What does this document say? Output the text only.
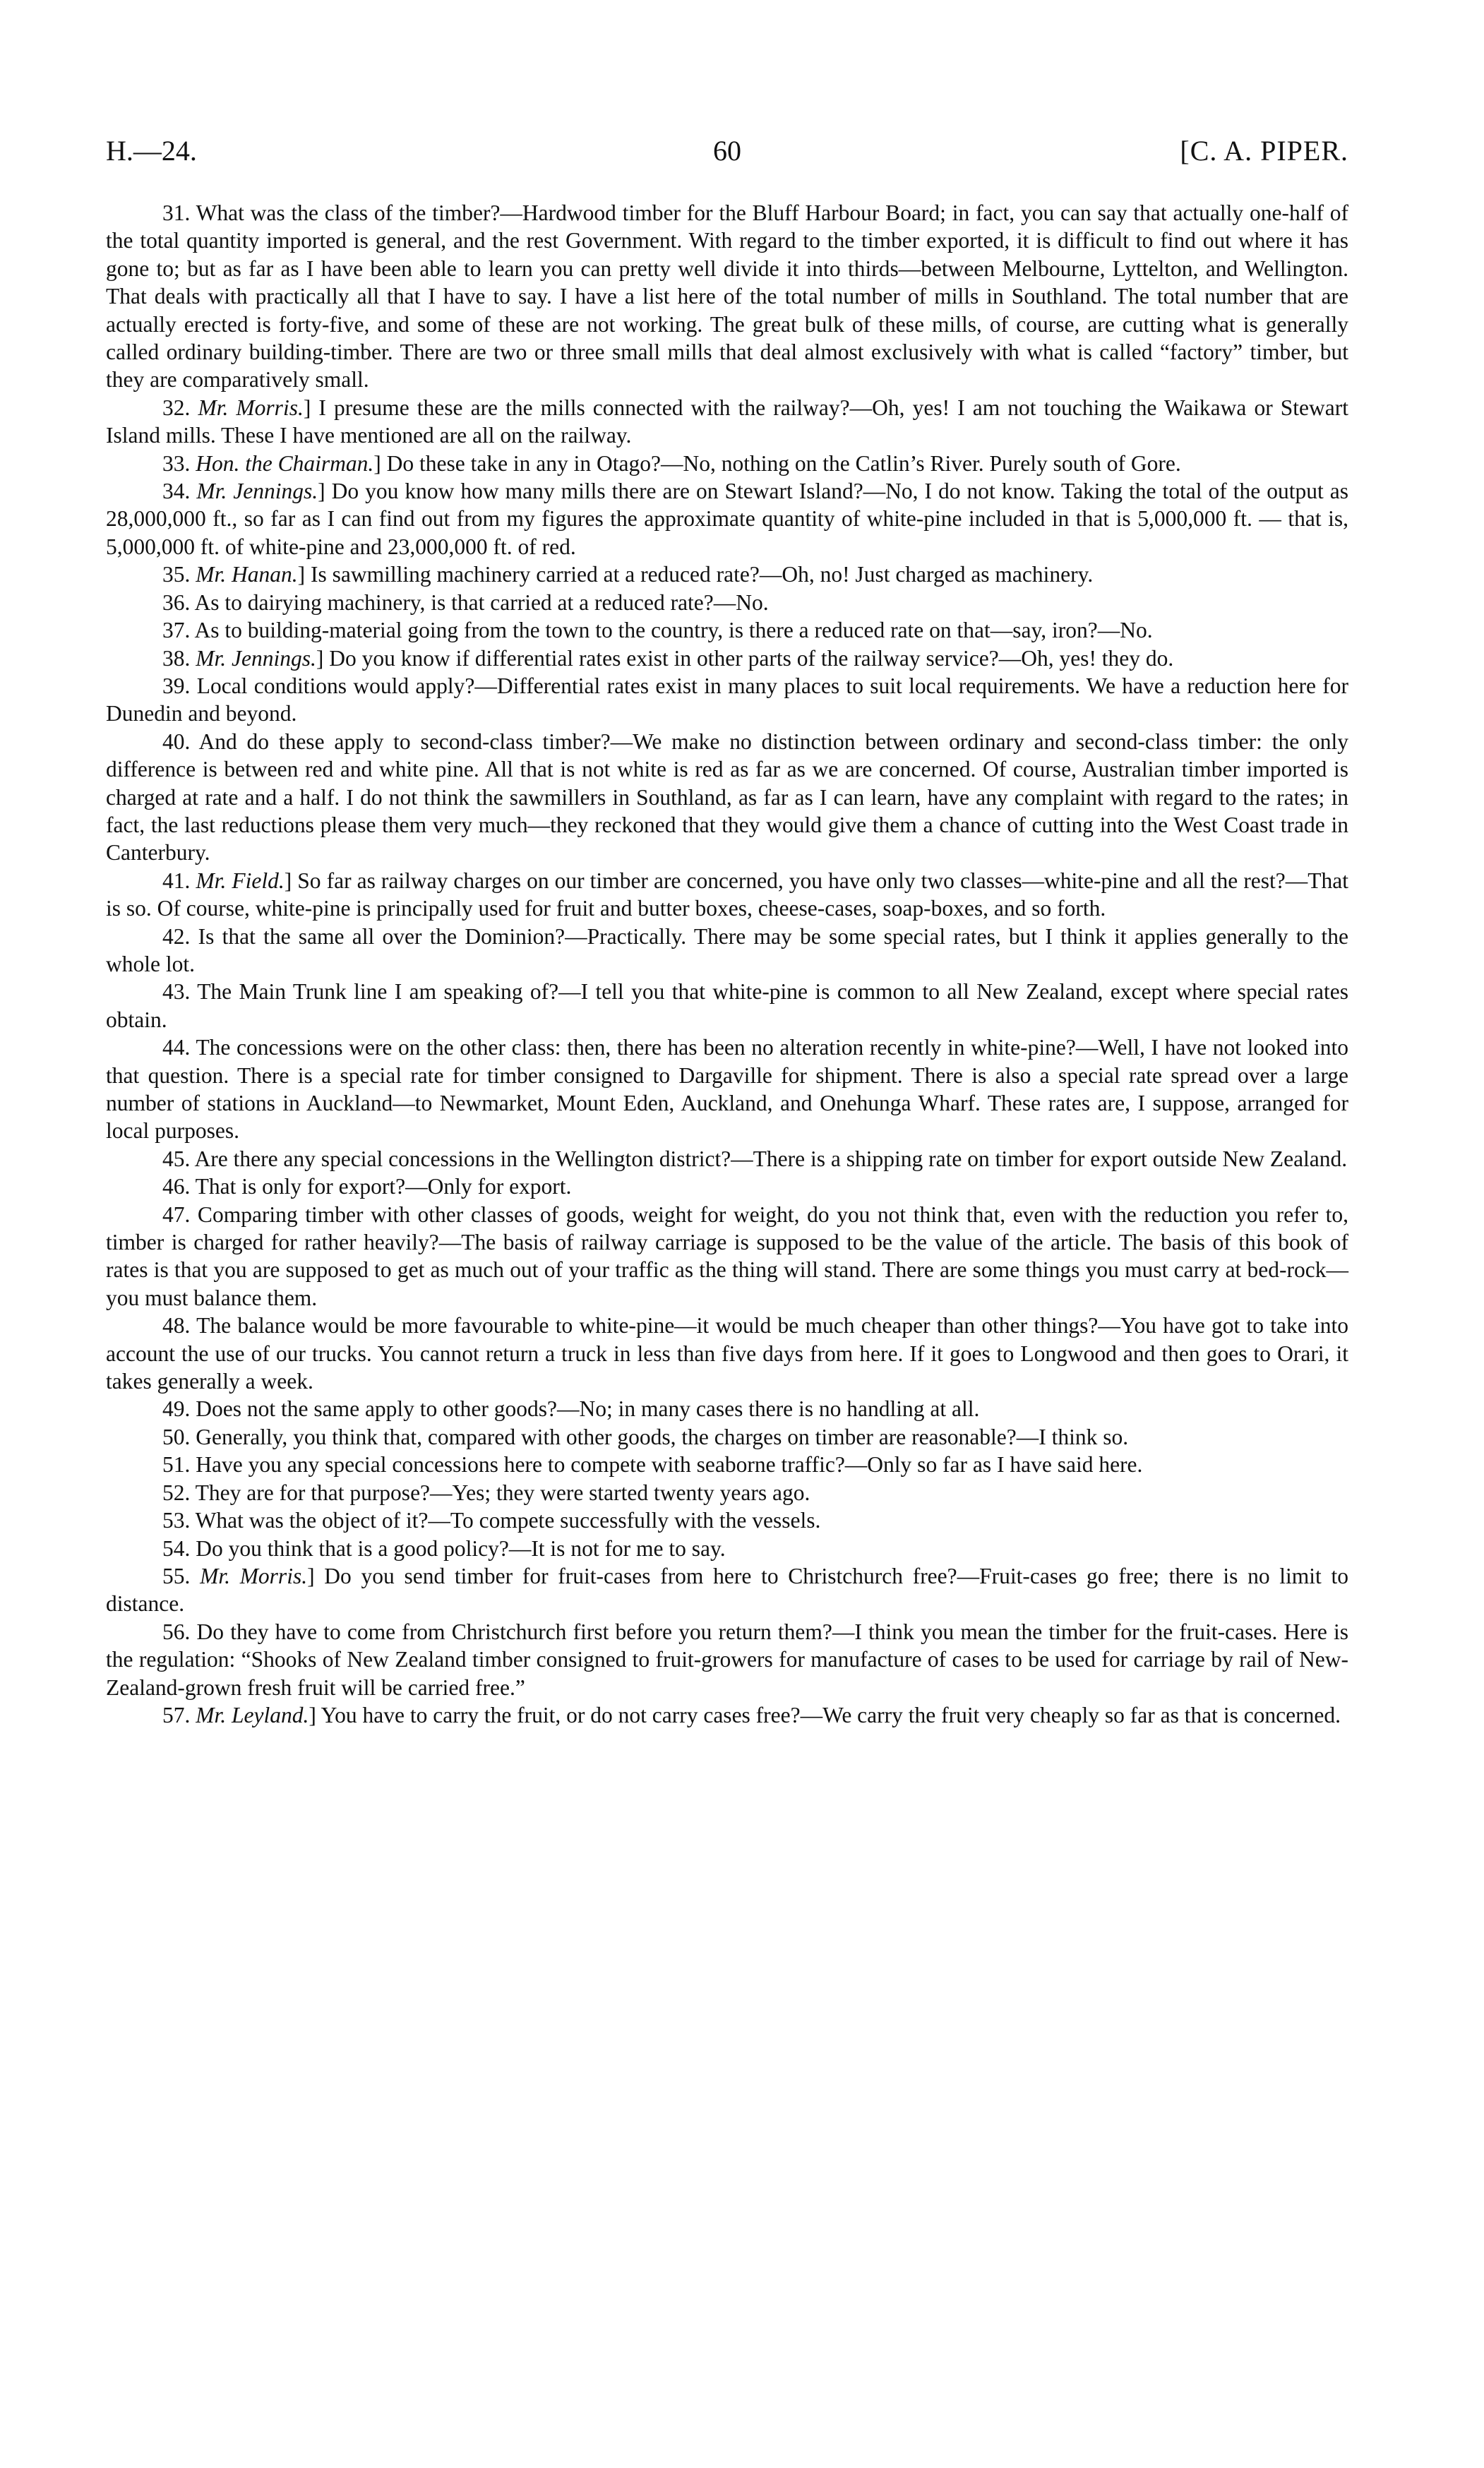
H.—24.	60	[C. A. PIPER.

31. What was the class of the timber?—Hardwood timber for the Bluff Harbour Board; in fact, you can say that actually one-half of the total quantity imported is general, and the rest Government. With regard to the timber exported, it is difficult to find out where it has gone to; but as far as I have been able to learn you can pretty well divide it into thirds—between Melbourne, Lyttelton, and Wellington. That deals with practically all that I have to say. I have a list here of the total number of mills in Southland. The total number that are actually erected is forty-five, and some of these are not working. The great bulk of these mills, of course, are cutting what is generally called ordinary building-timber. There are two or three small mills that deal almost exclusively with what is called “factory” timber, but they are comparatively small.

32. Mr. Morris.] I presume these are the mills connected with the railway?—Oh, yes! I am not touching the Waikawa or Stewart Island mills. These I have mentioned are all on the railway.

33. Hon. the Chairman.] Do these take in any in Otago?—No, nothing on the Catlin’s River. Purely south of Gore.

34. Mr. Jennings.] Do you know how many mills there are on Stewart Island?—No, I do not know. Taking the total of the output as 28,000,000 ft., so far as I can find out from my figures the approximate quantity of white-pine included in that is 5,000,000 ft. — that is, 5,000,000 ft. of white-pine and 23,000,000 ft. of red.

35. Mr. Hanan.] Is sawmilling machinery carried at a reduced rate?—Oh, no! Just charged as machinery.

36. As to dairying machinery, is that carried at a reduced rate?—No.

37. As to building-material going from the town to the country, is there a reduced rate on that—say, iron?—No.

38. Mr. Jennings.] Do you know if differential rates exist in other parts of the railway service?—Oh, yes! they do.

39. Local conditions would apply?—Differential rates exist in many places to suit local requirements. We have a reduction here for Dunedin and beyond.

40. And do these apply to second-class timber?—We make no distinction between ordinary and second-class timber: the only difference is between red and white pine. All that is not white is red as far as we are concerned. Of course, Australian timber imported is charged at rate and a half. I do not think the sawmillers in Southland, as far as I can learn, have any complaint with regard to the rates; in fact, the last reductions please them very much—they reckoned that they would give them a chance of cutting into the West Coast trade in Canterbury.

41. Mr. Field.] So far as railway charges on our timber are concerned, you have only two classes—white-pine and all the rest?—That is so. Of course, white-pine is principally used for fruit and butter boxes, cheese-cases, soap-boxes, and so forth.

42. Is that the same all over the Dominion?—Practically. There may be some special rates, but I think it applies generally to the whole lot.

43. The Main Trunk line I am speaking of?—I tell you that white-pine is common to all New Zealand, except where special rates obtain.

44. The concessions were on the other class: then, there has been no alteration recently in white-pine?—Well, I have not looked into that question. There is a special rate for timber consigned to Dargaville for shipment. There is also a special rate spread over a large number of stations in Auckland—to Newmarket, Mount Eden, Auckland, and Onehunga Wharf. These rates are, I suppose, arranged for local purposes.

45. Are there any special concessions in the Wellington district?—There is a shipping rate on timber for export outside New Zealand.

46. That is only for export?—Only for export.

47. Comparing timber with other classes of goods, weight for weight, do you not think that, even with the reduction you refer to, timber is charged for rather heavily?—The basis of railway carriage is supposed to be the value of the article. The basis of this book of rates is that you are supposed to get as much out of your traffic as the thing will stand. There are some things you must carry at bed-rock—you must balance them.

48. The balance would be more favourable to white-pine—it would be much cheaper than other things?—You have got to take into account the use of our trucks. You cannot return a truck in less than five days from here. If it goes to Longwood and then goes to Orari, it takes generally a week.

49. Does not the same apply to other goods?—No; in many cases there is no handling at all.

50. Generally, you think that, compared with other goods, the charges on timber are reasonable?—I think so.

51. Have you any special concessions here to compete with seaborne traffic?—Only so far as I have said here.

52. They are for that purpose?—Yes; they were started twenty years ago.

53. What was the object of it?—To compete successfully with the vessels.

54. Do you think that is a good policy?—It is not for me to say.

55. Mr. Morris.] Do you send timber for fruit-cases from here to Christchurch free?—Fruit-cases go free; there is no limit to distance.

56. Do they have to come from Christchurch first before you return them?—I think you mean the timber for the fruit-cases. Here is the regulation: “Shooks of New Zealand timber consigned to fruit-growers for manufacture of cases to be used for carriage by rail of New-Zealand-grown fresh fruit will be carried free.”

57. Mr. Leyland.] You have to carry the fruit, or do not carry cases free?—We carry the fruit very cheaply so far as that is concerned.
